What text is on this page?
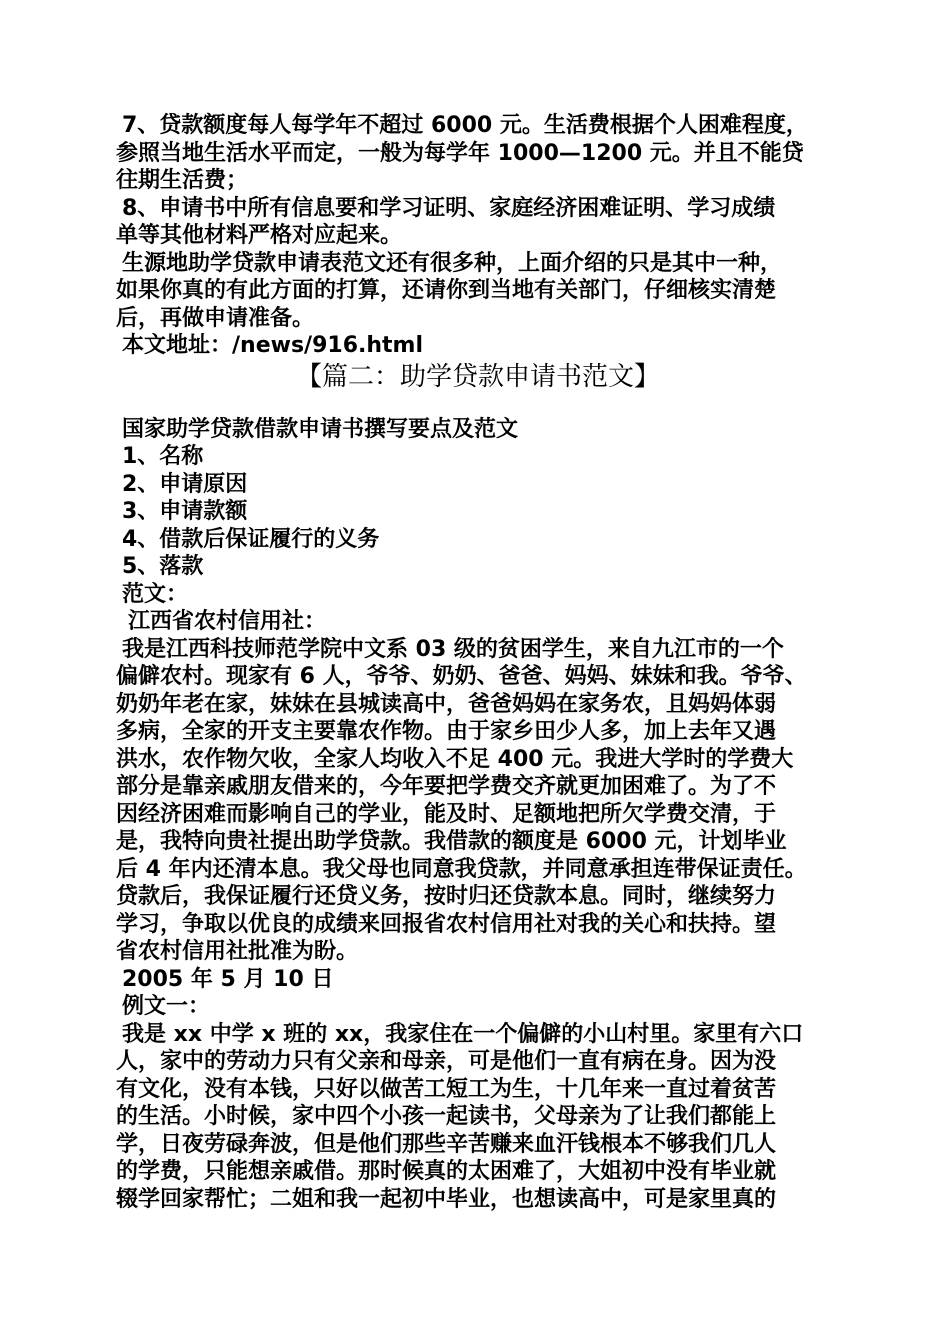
7、贷款额度每人每学年不超过 6000 元。生活费根据个人困难程度，
参照当地生活水平而定，一般为每学年 1000—1200 元。并且不能贷
往期生活费；
8、申请书中所有信息要和学习证明、家庭经济困难证明、学习成绩
单等其他材料严格对应起来。
生源地助学贷款申请表范文还有很多种，上面介绍的只是其中一种，
如果你真的有此方面的打算，还请你到当地有关部门，仔细核实清楚
后，再做申请准备。
本文地址：/news/916.html
【篇二：助学贷款申请书范文】
国家助学贷款借款申请书撰写要点及范文
1、名称
2、申请原因
3、申请款额
4、借款后保证履行的义务
5、落款
范文：
江西省农村信用社：
我是江西科技师范学院中文系 03 级的贫困学生，来自九江市的一个
偏僻农村。现家有 6 人，爷爷、奶奶、爸爸、妈妈、妹妹和我。爷爷、
奶奶年老在家，妹妹在县城读高中，爸爸妈妈在家务农，且妈妈体弱
多病，全家的开支主要靠农作物。由于家乡田少人多，加上去年又遇
洪水，农作物欠收，全家人均收入不足 400 元。我进大学时的学费大
部分是靠亲戚朋友借来的，今年要把学费交齐就更加困难了。为了不
因经济困难而影响自己的学业，能及时、足额地把所欠学费交清，于
是，我特向贵社提出助学贷款。我借款的额度是 6000 元，计划毕业
后 4 年内还清本息。我父母也同意我贷款，并同意承担连带保证责任。
贷款后，我保证履行还贷义务，按时归还贷款本息。同时，继续努力
学习，争取以优良的成绩来回报省农村信用社对我的关心和扶持。望
省农村信用社批准为盼。
2005 年 5 月 10 日
例文一：
我是 xx 中学 x 班的 xx，我家住在一个偏僻的小山村里。家里有六口
人，家中的劳动力只有父亲和母亲，可是他们一直有病在身。因为没
有文化，没有本钱，只好以做苦工短工为生，十几年来一直过着贫苦
的生活。小时候，家中四个小孩一起读书，父母亲为了让我们都能上
学，日夜劳碌奔波，但是他们那些辛苦赚来血汗钱根本不够我们几人
的学费，只能想亲戚借。那时候真的太困难了，大姐初中没有毕业就
辍学回家帮忙；二姐和我一起初中毕业，也想读高中，可是家里真的
